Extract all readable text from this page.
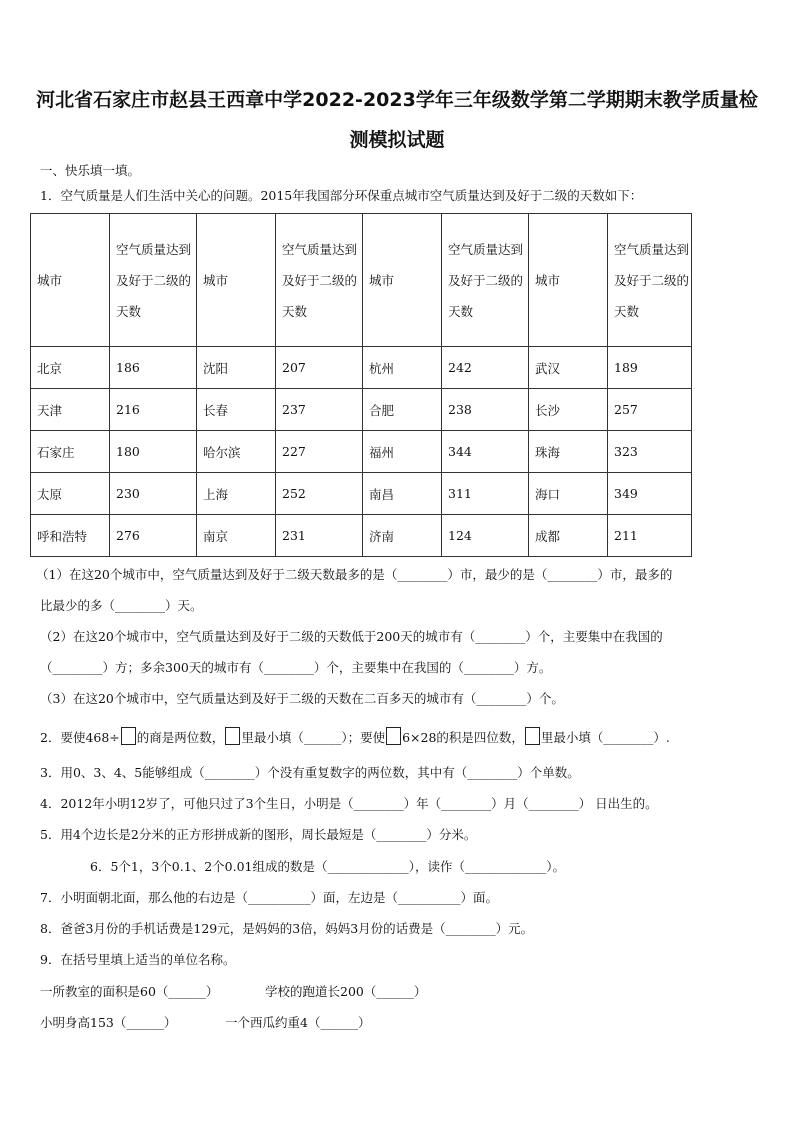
河北省石家庄市赵县王西章中学2022-2023学年三年级数学第二学期期末教学质量检
测模拟试题
一、快乐填一填。
1．空气质量是人们生活中关心的问题。2015年我国部分环保重点城市空气质量达到及好于二级的天数如下：
城市	空气质量达到及好于二级的天数	城市	空气质量达到及好于二级的天数	城市	空气质量达到及好于二级的天数	城市	空气质量达到及好于二级的天数

北京	186	沈阳	207	杭州	242	武汉	189
天津	216	长春	237	合肥	238	长沙	257
石家庄	180	哈尔滨	227	福州	344	珠海	323
太原	230	上海	252	南昌	311	海口	349
呼和浩特	276	南京	231	济南	124	成都	211
（1）在这20个城市中，空气质量达到及好于二级天数最多的是（________）市，最少的是（________）市，最多的
比最少的多（________）天。
（2）在这20个城市中，空气质量达到及好于二级的天数低于200天的城市有（________）个，主要集中在我国的
（________）方；多余300天的城市有（________）个，主要集中在我国的（________）方。
（3）在这20个城市中，空气质量达到及好于二级的天数在二百多天的城市有（________）个。
2．要使468÷ 的商是两位数， 里最小填（______）；要使 6×28的积是四位数， 里最小填（________）.
3．用0、3、4、5能够组成（________）个没有重复数字的两位数，其中有（________）个单数。
4．2012年小明12岁了，可他只过了3个生日，小明是（________）年（________）月（________） 日出生的。
5．用4个边长是2分米的正方形拼成新的图形，周长最短是（________）分米。
6．5个1，3个0.1、2个0.01组成的数是（_____________），读作（_____________）。
7．小明面朝北面，那么他的右边是（__________）面，左边是（__________）面。
8．爸爸3月份的手机话费是129元，是妈妈的3倍，妈妈3月份的话费是（________）元。
9．在括号里填上适当的单位名称。
一所教室的面积是60（______）	学校的跑道长200（______）
小明身高153（______）	一个西瓜约重4（______）
